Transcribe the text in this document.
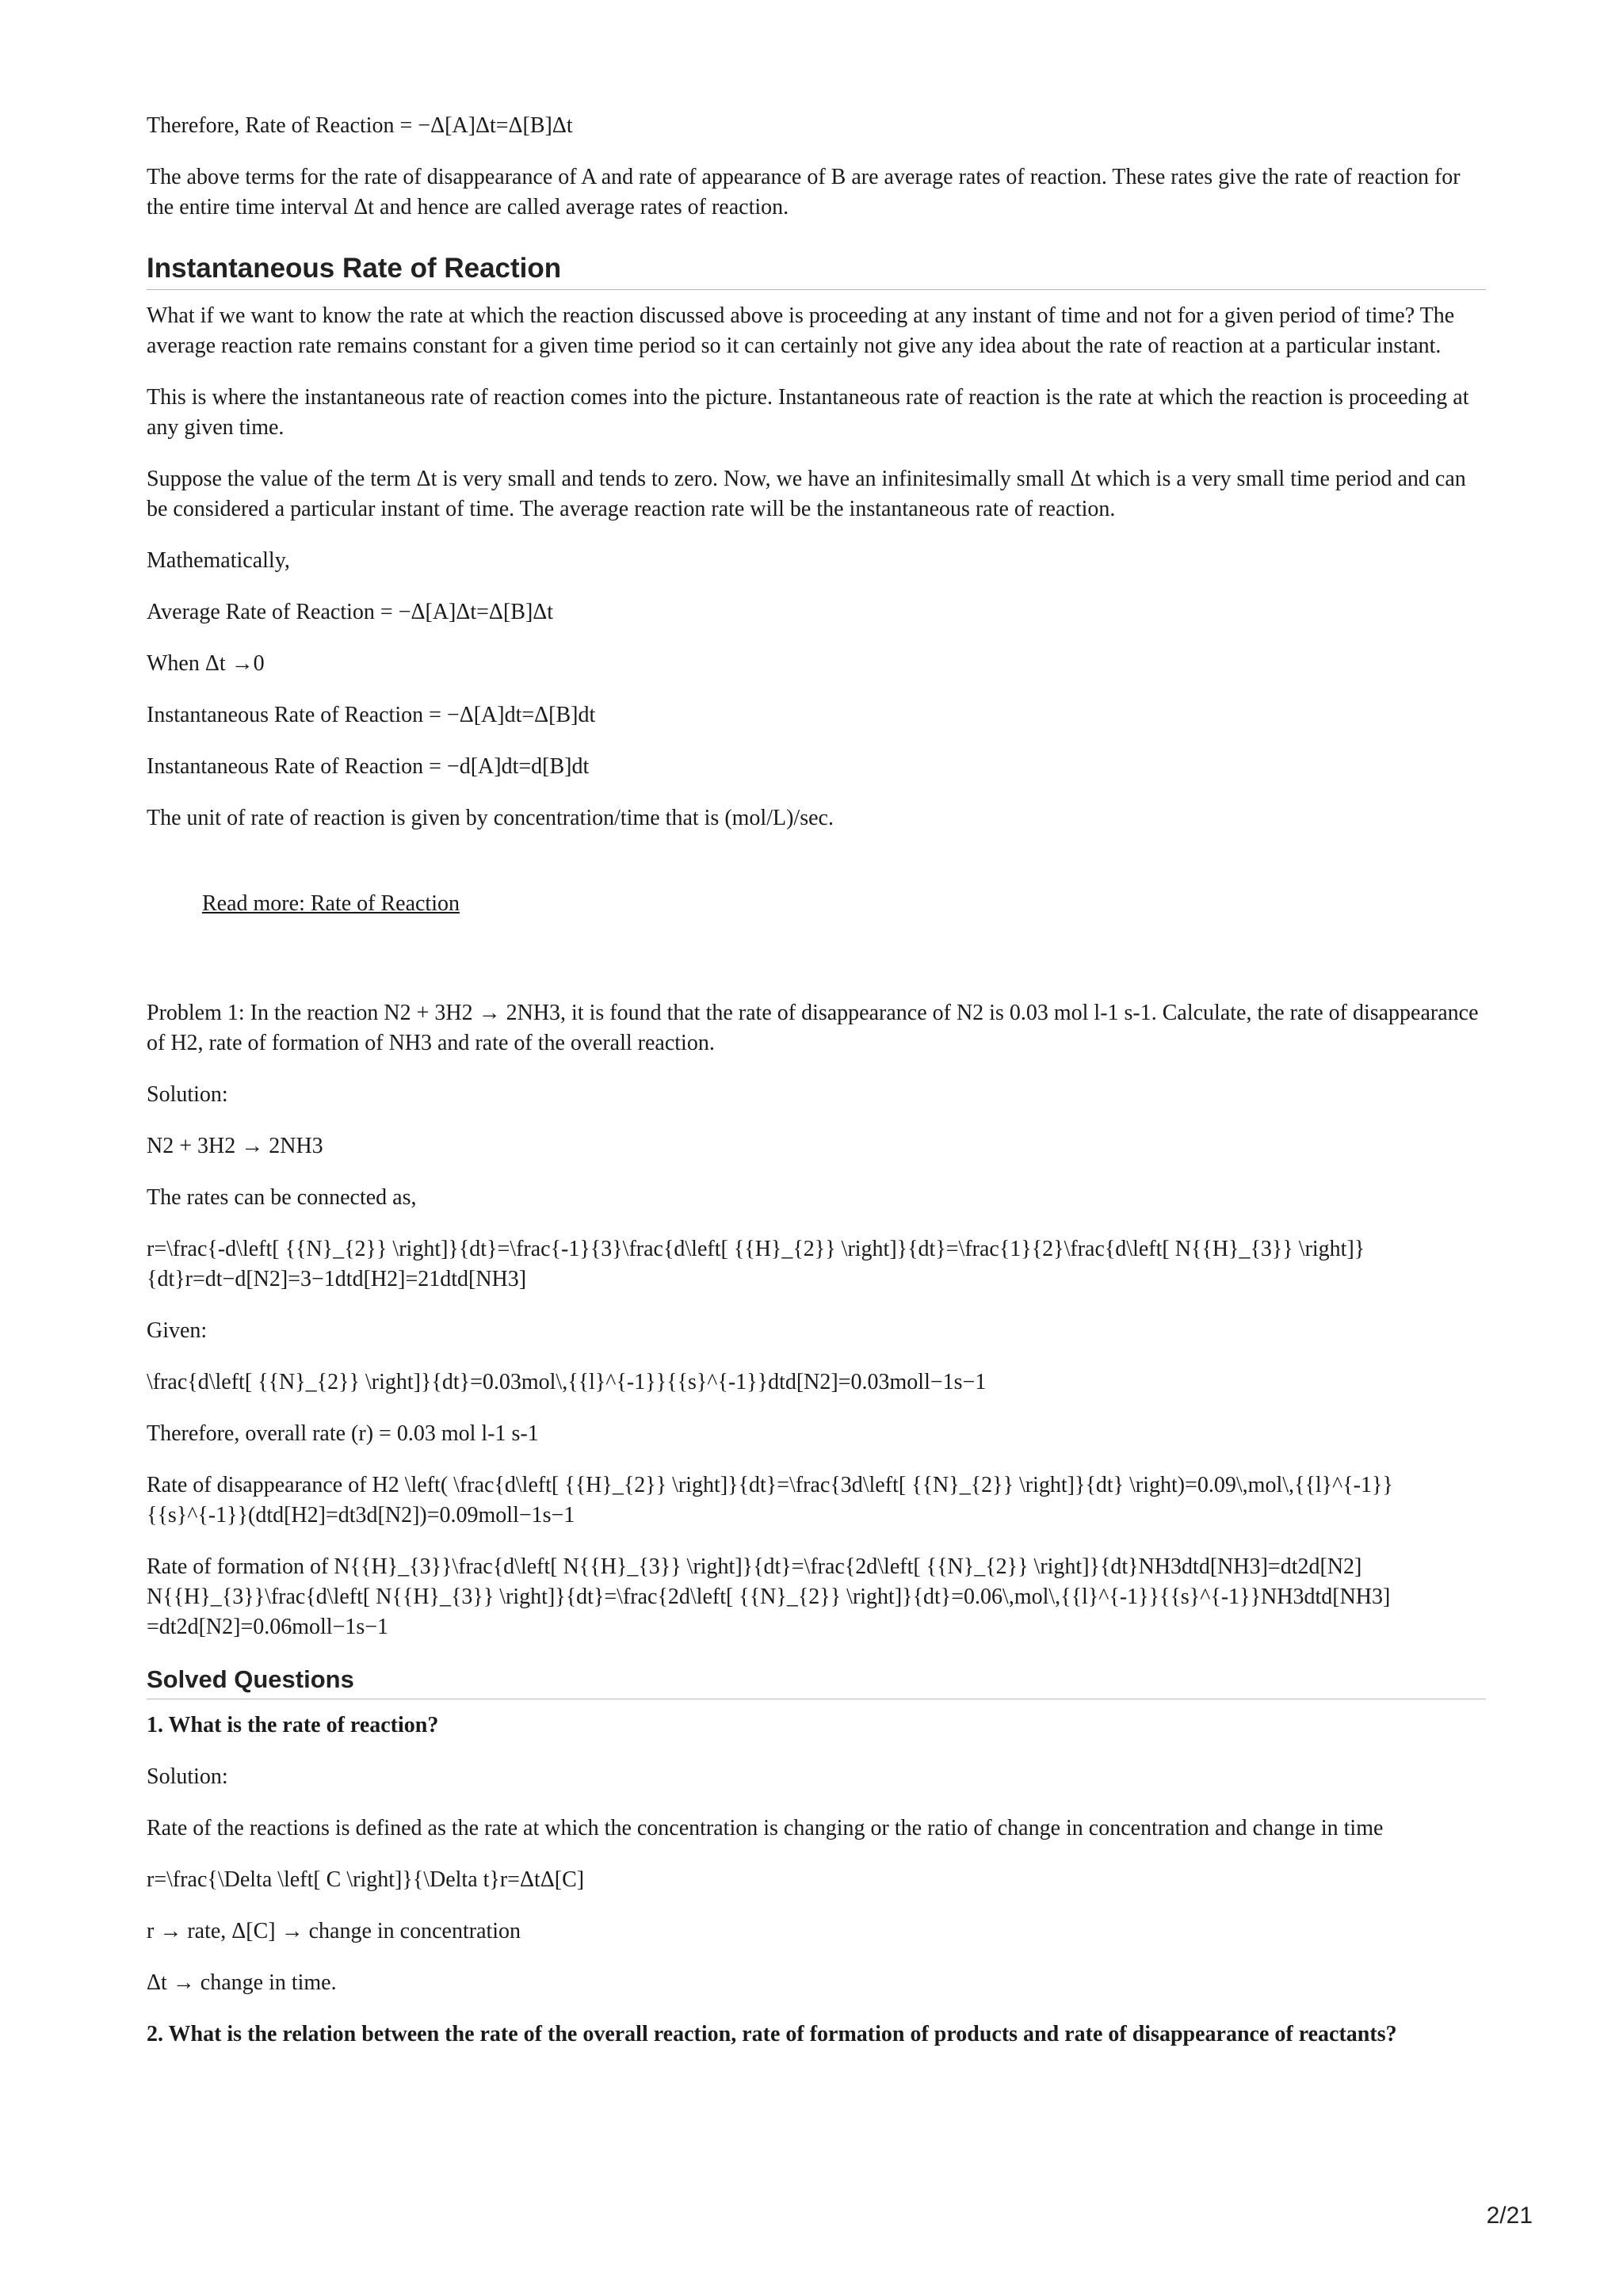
Therefore, Rate of Reaction = −Δ[A]Δt=Δ[B]Δt

The above terms for the rate of disappearance of A and rate of appearance of B are average rates of reaction. These rates give the rate of reaction for the entire time interval Δt and hence are called average rates of reaction.

Instantaneous Rate of Reaction

What if we want to know the rate at which the reaction discussed above is proceeding at any instant of time and not for a given period of time? The average reaction rate remains constant for a given time period so it can certainly not give any idea about the rate of reaction at a particular instant.

This is where the instantaneous rate of reaction comes into the picture. Instantaneous rate of reaction is the rate at which the reaction is proceeding at any given time.

Suppose the value of the term Δt is very small and tends to zero. Now, we have an infinitesimally small Δt which is a very small time period and can be considered a particular instant of time. The average reaction rate will be the instantaneous rate of reaction.

Mathematically,

Average Rate of Reaction = −Δ[A]Δt=Δ[B]Δt

When Δt →0

Instantaneous Rate of Reaction = −Δ[A]dt=Δ[B]dt

Instantaneous Rate of Reaction = −d[A]dt=d[B]dt

The unit of rate of reaction is given by concentration/time that is (mol/L)/sec.

Read more: Rate of Reaction

Problem 1: In the reaction N2 + 3H2 → 2NH3, it is found that the rate of disappearance of N2 is 0.03 mol l-1 s-1. Calculate, the rate of disappearance of H2, rate of formation of NH3 and rate of the overall reaction.

Solution:

N2 + 3H2 → 2NH3

The rates can be connected as,

r=\frac{-d\left[ {{N}_{2}} \right]}{dt}=\frac{-1}{3}\frac{d\left[ {{H}_{2}} \right]}{dt}=\frac{1}{2}\frac{d\left[ N{{H}_{3}} \right]}{dt}r=dt−d[N2]=3−1dtd[H2]=21dtd[NH3]

Given:

\frac{d\left[ {{N}_{2}} \right]}{dt}=0.03mol\,{{l}^{-1}}{{s}^{-1}}dtd[N2]=0.03moll−1s−1

Therefore, overall rate (r) = 0.03 mol l-1 s-1

Rate of disappearance of H2 \left( \frac{d\left[ {{H}_{2}} \right]}{dt}=\frac{3d\left[ {{N}_{2}} \right]}{dt} \right)=0.09\,mol\,{{l}^{-1}}{{s}^{-1}}(dtd[H2]=dt3d[N2])=0.09moll−1s−1

Rate of formation of N{{H}_{3}}\frac{d\left[ N{{H}_{3}} \right]}{dt}=\frac{2d\left[ {{N}_{2}} \right]}{dt}NH3dtd[NH3]=dt2d[N2] N{{H}_{3}}\frac{d\left[ N{{H}_{3}} \right]}{dt}=\frac{2d\left[ {{N}_{2}} \right]}{dt}=0.06\,mol\,{{l}^{-1}}{{s}^{-1}}NH3dtd[NH3] =dt2d[N2]=0.06moll−1s−1

Solved Questions

1. What is the rate of reaction?

Solution:

Rate of the reactions is defined as the rate at which the concentration is changing or the ratio of change in concentration and change in time

r=\frac{\Delta \left[ C \right]}{\Delta t}r=ΔtΔ[C]

r → rate, Δ[C] → change in concentration

Δt → change in time.

2. What is the relation between the rate of the overall reaction, rate of formation of products and rate of disappearance of reactants?

2/21
